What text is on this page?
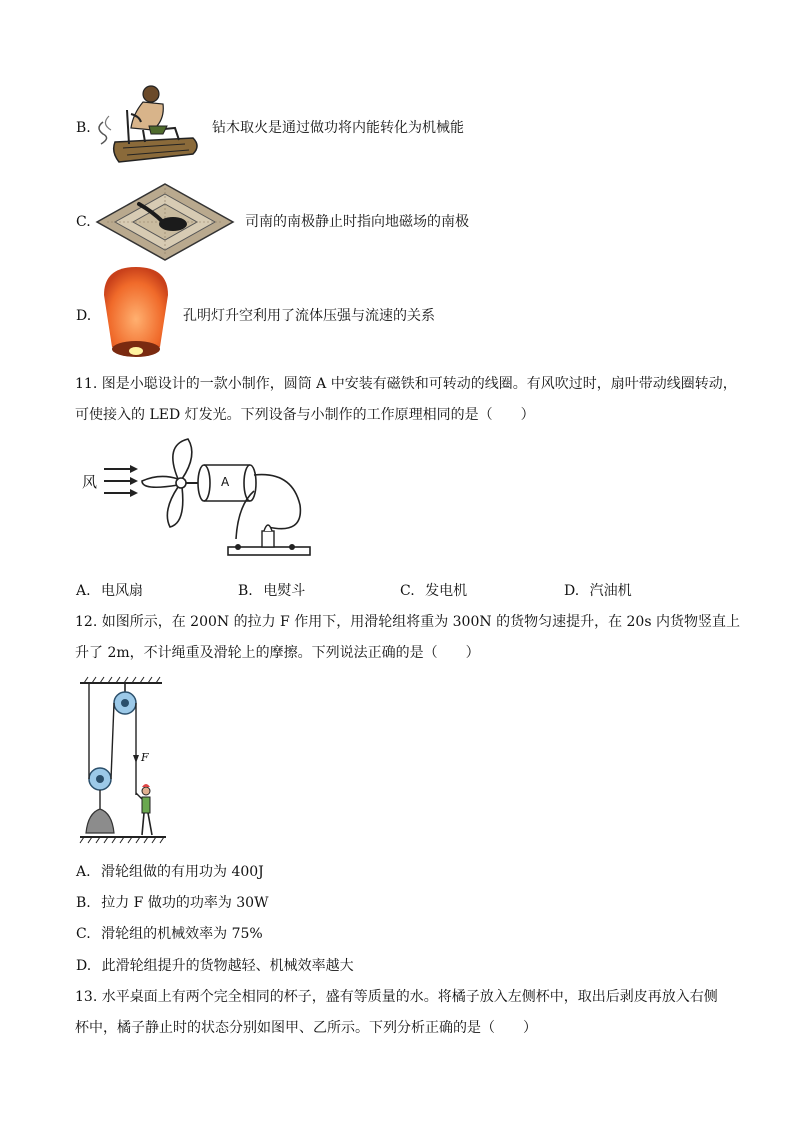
B.	钻木取火是通过做功将内能转化为机械能
C.	司南的南极静止时指向地磁场的南极
D.	孔明灯升空利用了流体压强与流速的关系
11. 图是小聪设计的一款小制作，圆筒 A 中安装有磁铁和可转动的线圈。有风吹过时，扇叶带动线圈转动，
可使接入的 LED 灯发光。下列设备与小制作的工作原理相同的是（　　）
风	A
A. 电风扇	B. 电熨斗	C. 发电机	D. 汽油机
12. 如图所示，在 200N 的拉力 F 作用下，用滑轮组将重为 300N 的货物匀速提升，在 20s 内货物竖直上
升了 2m，不计绳重及滑轮上的摩擦。下列说法正确的是（　　）
F
A. 滑轮组做的有用功为 400J
B. 拉力 F 做功的功率为 30W
C. 滑轮组的机械效率为 75%
D. 此滑轮组提升的货物越轻、机械效率越大
13. 水平桌面上有两个完全相同的杯子，盛有等质量的水。将橘子放入左侧杯中，取出后剥皮再放入右侧
杯中，橘子静止时的状态分别如图甲、乙所示。下列分析正确的是（　　）
